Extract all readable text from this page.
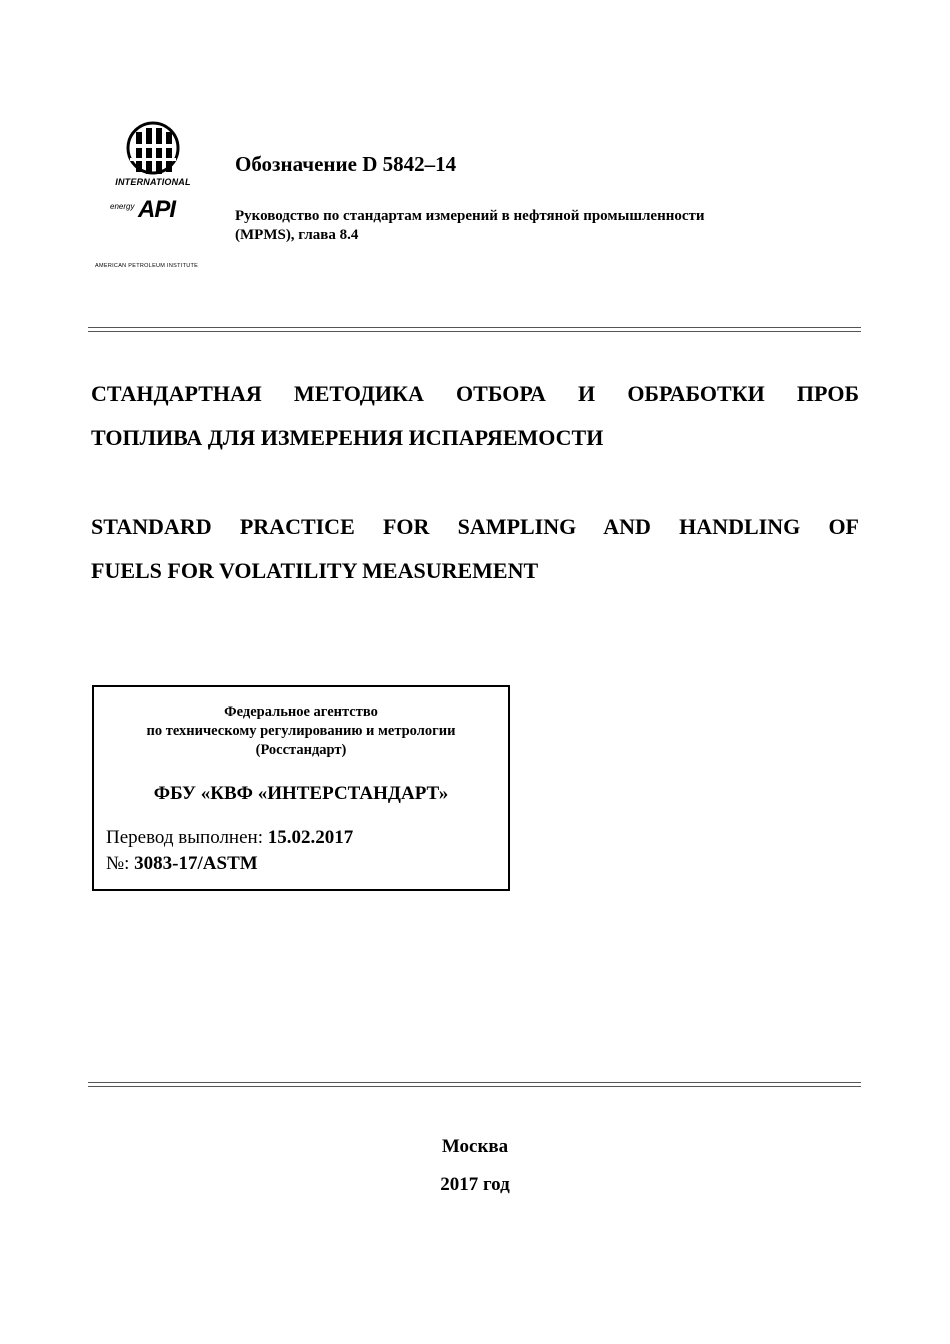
INTERNATIONAL
energy API
AMERICAN PETROLEUM INSTITUTE
Обозначение D 5842–14
Руководство по стандартам измерений в нефтяной промышленности
(MPMS), глава 8.4
СТАНДАРТНАЯ МЕТОДИКА ОТБОРА И ОБРАБОТКИ ПРОБ
ТОПЛИВА ДЛЯ ИЗМЕРЕНИЯ ИСПАРЯЕМОСТИ
STANDARD PRACTICE FOR SAMPLING AND HANDLING OF
FUELS FOR VOLATILITY MEASUREMENT
Федеральное агентство
по техническому регулированию и метрологии
(Росстандарт)
ФБУ «КВФ «ИНТЕРСТАНДАРТ»
Перевод выполнен: 15.02.2017
№: 3083-17/ASTM
Москва
2017 год
